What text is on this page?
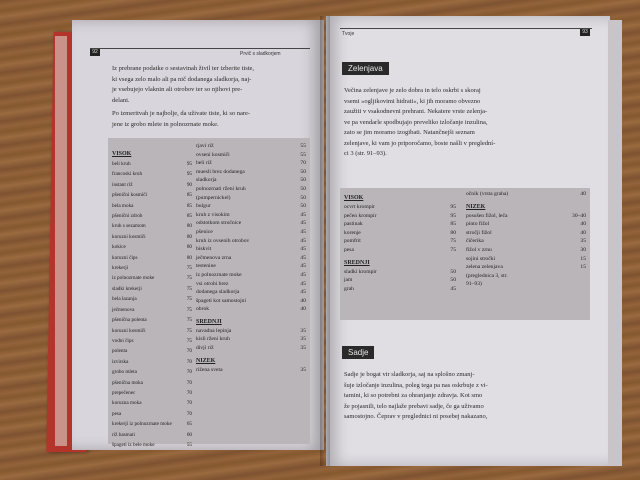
Prvič s sladkorjem
92
Iz prebrane podatke o sestavinah živil ter izberite tiste,
ki vsega zelo malo ali pa nič dodanega sladkorja, naj-
je vsebujejo vlaknin ali otrobov ter so njihovi pre-
delani.
Po izmeritvah je najbolje, da uživate tiste, ki so nare-
jene iz grobo mlete in polnozrnate moke.
VISOK
beli kruh	95
francoski kruh	95
instant riž	90
pšenični kosmiči	85
bela moka	85
pšenični zdrob	85
kruh s sezamom	80
koruzni kosmiči	80
kokice	80
koruzni čips	80
krekerji	75
iz polnozrnate moke	75
sladki krekerji	75
bela lazanja	75
ječmenova	75
pšenična polenta	75
koruzni kosmiči	75
vodni čips	75
polenta	70
izvirska	70
grobo mleta	70
pšenična moka	70
prepečenec	70
koruzna moka	70
pesa	70
krekerji iz polnozrnate moke	65
riž basmati	60
špageti iz bele moke	55
rjavi riž	55
ovseni kosmiči	55
beli riž	70
muesli brez dodanega	50
sladkorja	50
polnozrnati rženi kruh	50
(pumpernickel)	50
bulgur	50
kruh z visokim	45
odstotkom stročnice	45
pšenice	45
kruh iz ovsenih otrobov	45
biskvit	45
ječmenova zrna	45
testenine	45
iz polnozrnate moke	45
vsi otrobi brez	45
dodanega sladkorja	45
špageti kot samostojni	40
obrok	40
SREDNJI
navadna lepinja	35
kisli rženi kruh	35
divji riž	35
NIZEK
rižena sveta	35
Tvoje	93
Zelenjava
Večina zelenjave je zelo dobra in telo oskrbi s skoraj
vsemi »ogljikovimi hidrati«, ki jih moramo obvezno
zaužiti v vsakodnevni prehrani. Nekatere vrste zelenja-
ve pa vendarle spodbujajo preveliko izločanje inzulina,
zato se jim moramo izogibati. Natančnejši seznam
zelenjave, ki vam jo priporočamo, boste našli v preglední-
ci 3 (str. 91–93).
VISOK
ocvrt krompir	95
pečen krompir	95
pastinak	85
korenje	80
pomfrit	75
pesa	75
SREDNJI
sladki krompir	50
jam	50
grah	45
očnik (vrsta graha)	40
NIZEK
posušen fižol, leča	30–40
pinto fižol	40
stročji fižol	40
čičerika	35
fižol v zrnu	30
sojini stročki	15
zelena zelenjava	15
(preglednica 3, str.
91–93)
Sadje
Sadje je bogat vir sladkorja, saj na splošno zmanj-
šuje izločanje inzulina, poleg tega pa nas oskrbuje z vi-
tamini, ki so potrebni za ohranjanje zdravja. Kot smo
že pojasnili, telo najlaže prebavi sadje, če ga uživamo
samostojno. Čeprav v preglednici ni posebej nakazano,
